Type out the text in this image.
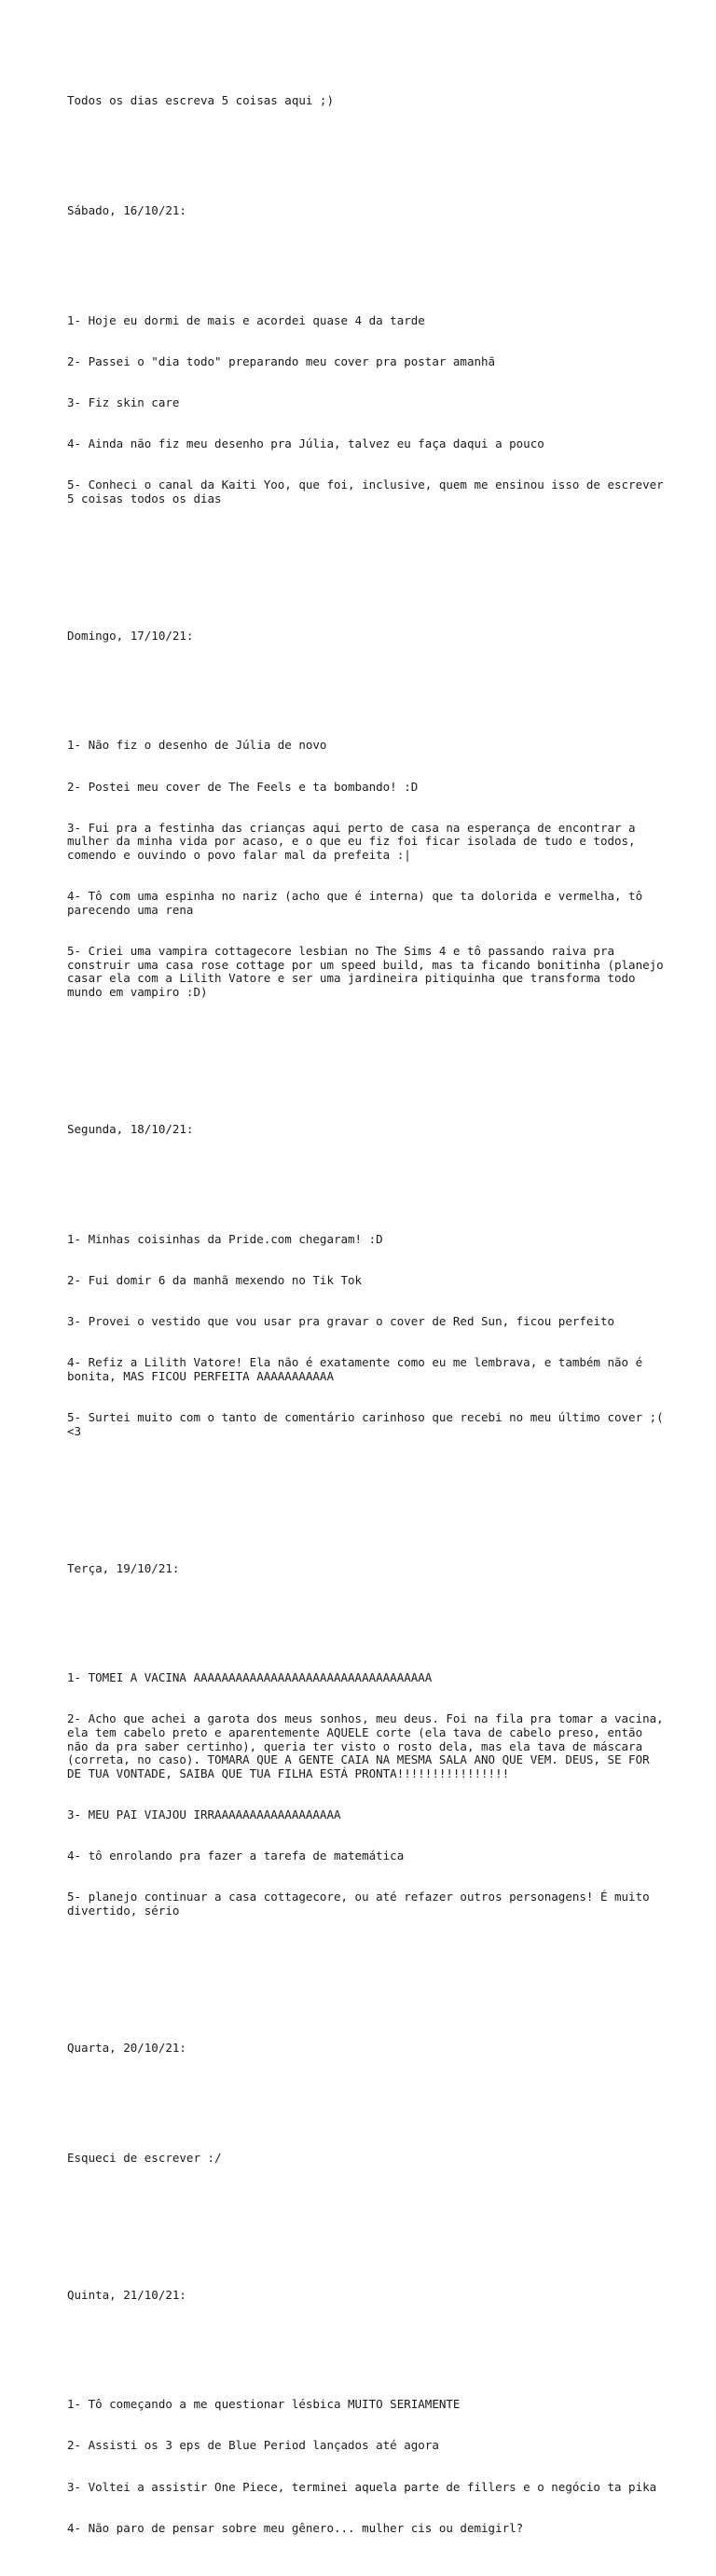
Todos os dias escreva 5 coisas aqui ;)

Sábado, 16/10/21:

1- Hoje eu dormi de mais e acordei quase 4 da tarde

2- Passei o "dia todo" preparando meu cover pra postar amanhã

3- Fiz skin care

4- Ainda não fiz meu desenho pra Júlia, talvez eu faça daqui a pouco

5- Conheci o canal da Kaiti Yoo, que foi, inclusive, quem me ensinou isso de escrever 5 coisas todos os dias

Domingo, 17/10/21:

1- Não fiz o desenho de Júlia de novo

2- Postei meu cover de The Feels e ta bombando! :D

3- Fui pra a festinha das crianças aqui perto de casa na esperança de encontrar a mulher da minha vida por acaso, e o que eu fiz foi ficar isolada de tudo e todos, comendo e ouvindo o povo falar mal da prefeita :|

4- Tô com uma espinha no nariz (acho que é interna) que ta dolorida e vermelha, tô parecendo uma rena

5- Criei uma vampira cottagecore lesbian no The Sims 4 e tô passando raiva pra construir uma casa rose cottage por um speed build, mas ta ficando bonitinha (planejo casar ela com a Lilith Vatore e ser uma jardineira pitiquinha que transforma todo mundo em vampiro :D)

Segunda, 18/10/21:

1- Minhas coisinhas da Pride.com chegaram! :D

2- Fui domir 6 da manhã mexendo no Tik Tok

3- Provei o vestido que vou usar pra gravar o cover de Red Sun, ficou perfeito

4- Refiz a Lilith Vatore! Ela não é exatamente como eu me lembrava, e também não é bonita, MAS FICOU PERFEITA AAAAAAAAAAA

5- Surtei muito com o tanto de comentário carinhoso que recebi no meu último cover ;( <3

Terça, 19/10/21:

1- TOMEI A VACINA AAAAAAAAAAAAAAAAAAAAAAAAAAAAAAAAAA

2- Acho que achei a garota dos meus sonhos, meu deus. Foi na fila pra tomar a vacina, ela tem cabelo preto e aparentemente AQUELE corte (ela tava de cabelo preso, então não da pra saber certinho), queria ter visto o rosto dela, mas ela tava de máscara (correta, no caso). TOMARA QUE A GENTE CAIA NA MESMA SALA ANO QUE VEM. DEUS, SE FOR DE TUA VONTADE, SAIBA QUE TUA FILHA ESTÁ PRONTA!!!!!!!!!!!!!!!!

3- MEU PAI VIAJOU IRRAAAAAAAAAAAAAAAAAA

4- tô enrolando pra fazer a tarefa de matemática

5- planejo continuar a casa cottagecore, ou até refazer outros personagens! É muito divertido, sério

Quarta, 20/10/21:

Esqueci de escrever :/

Quinta, 21/10/21:

1- Tô começando a me questionar lésbica MUITO SERIAMENTE

2- Assisti os 3 eps de Blue Period lançados até agora

3- Voltei a assistir One Piece, terminei aquela parte de fillers e o negócio ta pika

4- Não paro de pensar sobre meu gênero... mulher cis ou demigirl?
